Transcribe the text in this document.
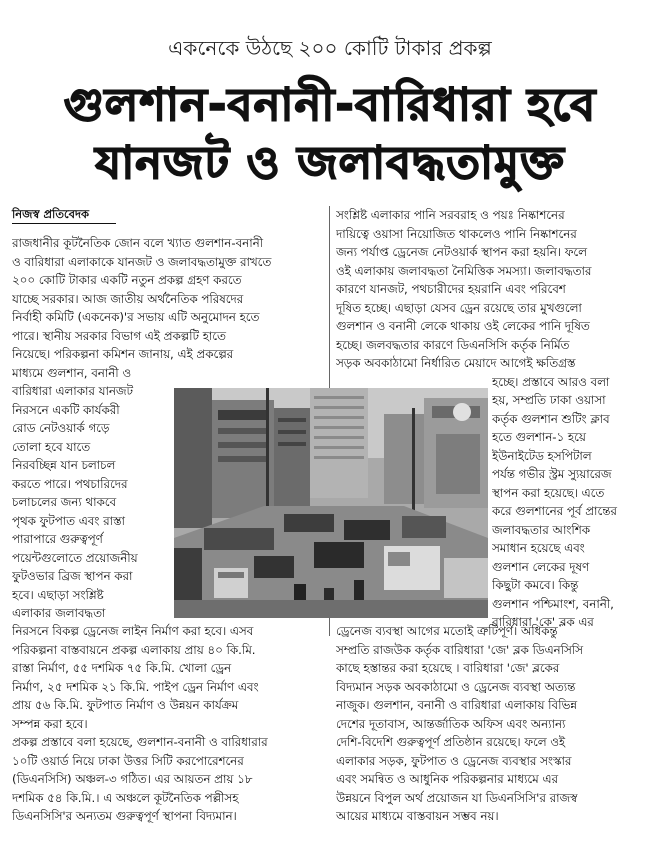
একনেকে উঠছে ২০০ কোটি টাকার প্রকল্প
গুলশান-বনানী-বারিধারা হবে
যানজট ও জলাবদ্ধতামুক্ত
নিজস্ব প্রতিবেদক
রাজধানীর কূটনৈতিক জোন বলে খ্যাত গুলশান-বনানী
ও বারিধারা এলাকাকে যানজট ও জলাবদ্ধতামুক্ত রাখতে
২০০ কোটি টাকার একটি নতুন প্রকল্প গ্রহণ করতে
যাচ্ছে সরকার। আজ জাতীয় অর্থনৈতিক পরিষদের
নির্বাহী কমিটি (একনেক)'র সভায় এটি অনুমোদন হতে
পারে। স্থানীয় সরকার বিভাগ এই প্রকল্পটি হাতে
নিয়েছে। পরিকল্পনা কমিশন জানায়, এই প্রকল্পের
মাধ্যমে গুলশান, বনানী ও
বারিধারা এলাকার যানজট
নিরসনে একটি কার্যকরী
রোড নেটওয়ার্ক গড়ে
তোলা হবে যাতে
নিরবচ্ছিন্ন যান চলাচল
করতে পারে। পথচারিদের
চলাচলের জন্য থাকবে
পৃথক ফুটপাত এবং রাস্তা
পারাপারে গুরুত্বপূর্ণ
পয়েন্টগুলোতে প্রয়োজনীয়
ফুটওভার ব্রিজ স্থাপন করা
হবে। এছাড়া সংশ্লিষ্ট
এলাকার জলাবদ্ধতা
সংশ্লিষ্ট এলাকার পানি সরবরাহ ও পয়ঃ নিষ্কাশনের
দায়িত্বে ওয়াসা নিয়োজিত থাকলেও পানি নিষ্কাশনের
জন্য পর্যাপ্ত ড্রেনেজ নেটওয়ার্ক স্থাপন করা হয়নি। ফলে
ওই এলাকায় জলাবদ্ধতা নৈমিত্তিক সমস্যা। জলাবদ্ধতার
কারণে যানজট, পথচারীদের হয়রানি এবং পরিবেশ
দূষিত হচ্ছে। এছাড়া যেসব ড্রেন রয়েছে তার মুখগুলো
গুলশান ও বনানী লেকে থাকায় ওই লেকের পানি দূষিত
হচ্ছে। জলবদ্ধতার কারণে ডিএনসিসি কর্তৃক নির্মিত
সড়ক অবকাঠামো নির্ধারিত মেয়াদে আগেই ক্ষতিগ্রস্ত
হচ্ছে। প্রস্তাবে আরও বলা
হয়, সম্প্রতি ঢাকা ওয়াসা
কর্তৃক গুলশান শুটিং ক্লাব
হতে গুলশান-১ হয়ে
ইউনাইটেড হসপিটাল
পর্যন্ত গভীর স্ট্রম স্যুয়ারেজ
স্থাপন করা হয়েছে। এতে
করে গুলশানের পূর্ব প্রান্তের
জলাবদ্ধতার আংশিক
সমাধান হয়েছে এবং
গুলশান লেকের দূষণ
কিছুটা কমবে। কিন্তু
গুলশান পশ্চিমাংশ, বনানী,
বারিধারা 'কে' ব্লক এর
নিরসনে বিকল্প ড্রেনেজ লাইন নির্মাণ করা হবে। এসব
পরিকল্পনা বাস্তবায়নে প্রকল্প এলাকায় প্রায় ৪০ কি.মি.
রাস্তা নির্মাণ, ৫৫ দশমিক ৭৫ কি.মি. খোলা ড্রেন
নির্মাণ, ২৫ দশমিক ২১ কি.মি. পাইপ ড্রেন নির্মাণ এবং
প্রায় ৫৬ কি.মি. ফুটপাত নির্মাণ ও উন্নয়ন কার্যক্রম
সম্পন্ন করা হবে।
প্রকল্প প্রস্তাবে বলা হয়েছে, গুলশান-বনানী ও বারিধারার
১০টি ওয়ার্ড নিয়ে ঢাকা উত্তর সিটি করপোরেশনের
(ডিএনসিসি) অঞ্চল-৩ গঠিত। এর আয়তন প্রায় ১৮
দশমিক ৫৪ কি.মি.। এ অঞ্চলে কূটনৈতিক পল্লীসহ
ডিএনসিসি'র অন্যতম গুরুত্বপূর্ণ স্থাপনা বিদ্যমান।
ড্রেনেজ ব্যবস্থা আগের মতোই ত্রুটিপূর্ণ। অধিকন্তু
সম্প্রতি রাজউক কর্তৃক বারিধারা 'জে' ব্লক ডিএনসিসি
কাছে হস্তান্তর করা হয়েছে । বারিধারা 'জে' ব্লকের
বিদ্যমান সড়ক অবকাঠামো ও ড্রেনেজ ব্যবস্থা অত্যন্ত
নাজুক। গুলশান, বনানী ও বারিধারা এলাকায় বিভিন্ন
দেশের দূতাবাস, আন্তর্জাতিক অফিস এবং অন্যান্য
দেশি-বিদেশি গুরুত্বপূর্ণ প্রতিষ্ঠান রয়েছে। ফলে ওই
এলাকার সড়ক, ফুটপাত ও ড্রেনেজ ব্যবস্থার সংস্কার
এবং সমন্বিত ও আধুনিক পরিকল্পনার মাধ্যমে এর
উন্নয়নে বিপুল অর্থ প্রয়োজন যা ডিএনসিসি'র রাজস্ব
আয়ের মাধ্যমে বাস্তবায়ন সম্ভব নয়।
